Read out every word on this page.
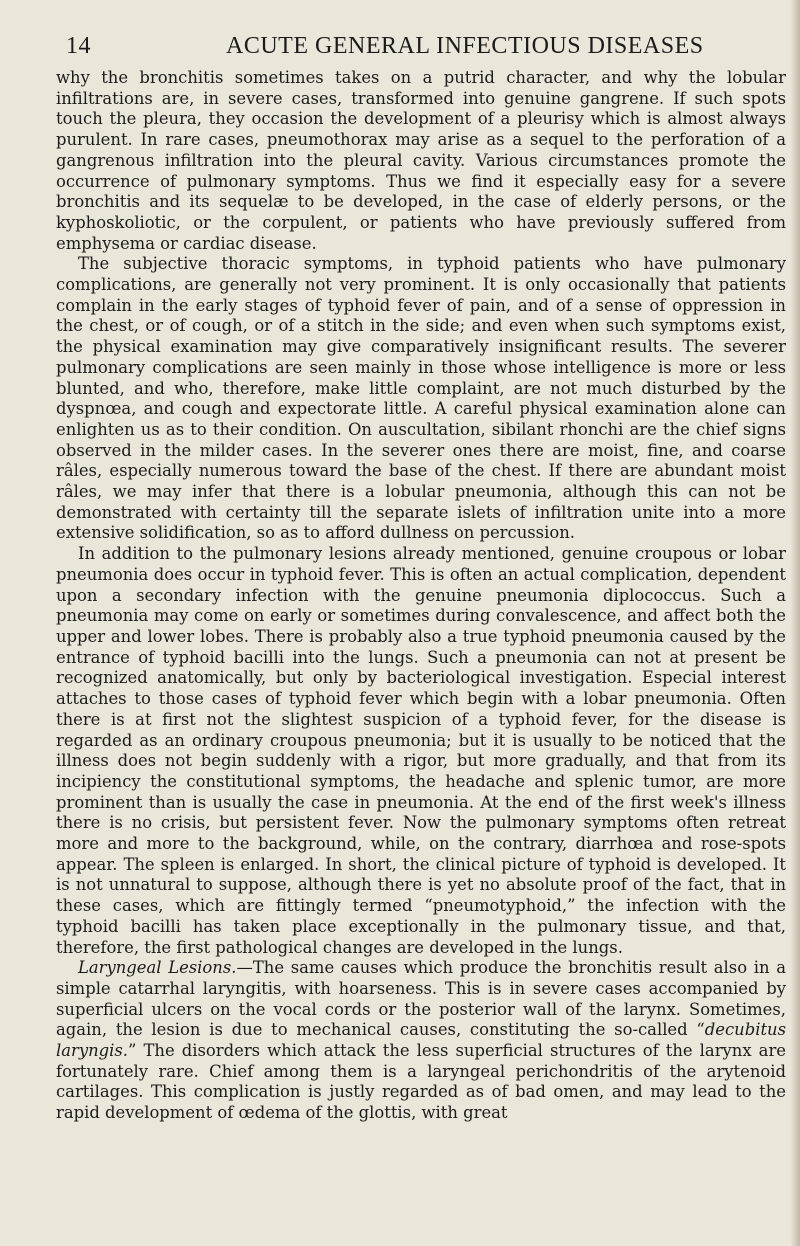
14	ACUTE GENERAL INFECTIOUS DISEASES

why the bronchitis sometimes takes on a putrid character, and why the lobular infiltrations are, in severe cases, transformed into genuine gangrene. If such spots touch the pleura, they occasion the development of a pleurisy which is almost always purulent. In rare cases, pneumothorax may arise as a sequel to the perforation of a gangrenous infiltration into the pleural cavity. Various circumstances promote the occurrence of pulmonary symptoms. Thus we find it especially easy for a severe bronchitis and its sequelæ to be developed, in the case of elderly persons, or the kyphoskoliotic, or the corpulent, or patients who have previously suffered from emphysema or cardiac disease.

The subjective thoracic symptoms, in typhoid patients who have pulmonary complications, are generally not very prominent. It is only occasionally that patients complain in the early stages of typhoid fever of pain, and of a sense of oppression in the chest, or of cough, or of a stitch in the side; and even when such symptoms exist, the physical examination may give comparatively insignificant results. The severer pulmonary complications are seen mainly in those whose intelligence is more or less blunted, and who, therefore, make little complaint, are not much disturbed by the dyspnœa, and cough and expectorate little. A careful physical examination alone can enlighten us as to their condition. On auscultation, sibilant rhonchi are the chief signs observed in the milder cases. In the severer ones there are moist, fine, and coarse râles, especially numerous toward the base of the chest. If there are abundant moist râles, we may infer that there is a lobular pneumonia, although this can not be demonstrated with certainty till the separate islets of infiltration unite into a more extensive solidification, so as to afford dullness on percussion.

In addition to the pulmonary lesions already mentioned, genuine croupous or lobar pneumonia does occur in typhoid fever. This is often an actual complication, dependent upon a secondary infection with the genuine pneumonia diplococcus. Such a pneumonia may come on early or sometimes during convalescence, and affect both the upper and lower lobes. There is probably also a true typhoid pneumonia caused by the entrance of typhoid bacilli into the lungs. Such a pneumonia can not at present be recognized anatomically, but only by bacteriological investigation. Especial interest attaches to those cases of typhoid fever which begin with a lobar pneumonia. Often there is at first not the slightest suspicion of a typhoid fever, for the disease is regarded as an ordinary croupous pneumonia; but it is usually to be noticed that the illness does not begin suddenly with a rigor, but more gradually, and that from its incipiency the constitutional symptoms, the headache and splenic tumor, are more prominent than is usually the case in pneumonia. At the end of the first week's illness there is no crisis, but persistent fever. Now the pulmonary symptoms often retreat more and more to the background, while, on the contrary, diarrhœa and rose-spots appear. The spleen is enlarged. In short, the clinical picture of typhoid is developed. It is not unnatural to suppose, although there is yet no absolute proof of the fact, that in these cases, which are fittingly termed “pneumotyphoid,” the infection with the typhoid bacilli has taken place exceptionally in the pulmonary tissue, and that, therefore, the first pathological changes are developed in the lungs.

Laryngeal Lesions.—The same causes which produce the bronchitis result also in a simple catarrhal laryngitis, with hoarseness. This is in severe cases accompanied by superficial ulcers on the vocal cords or the posterior wall of the larynx. Sometimes, again, the lesion is due to mechanical causes, constituting the so-called “decubitus laryngis.” The disorders which attack the less superficial structures of the larynx are fortunately rare. Chief among them is a laryngeal perichondritis of the arytenoid cartilages. This complication is justly regarded as of bad omen, and may lead to the rapid development of œdema of the glottis, with great
